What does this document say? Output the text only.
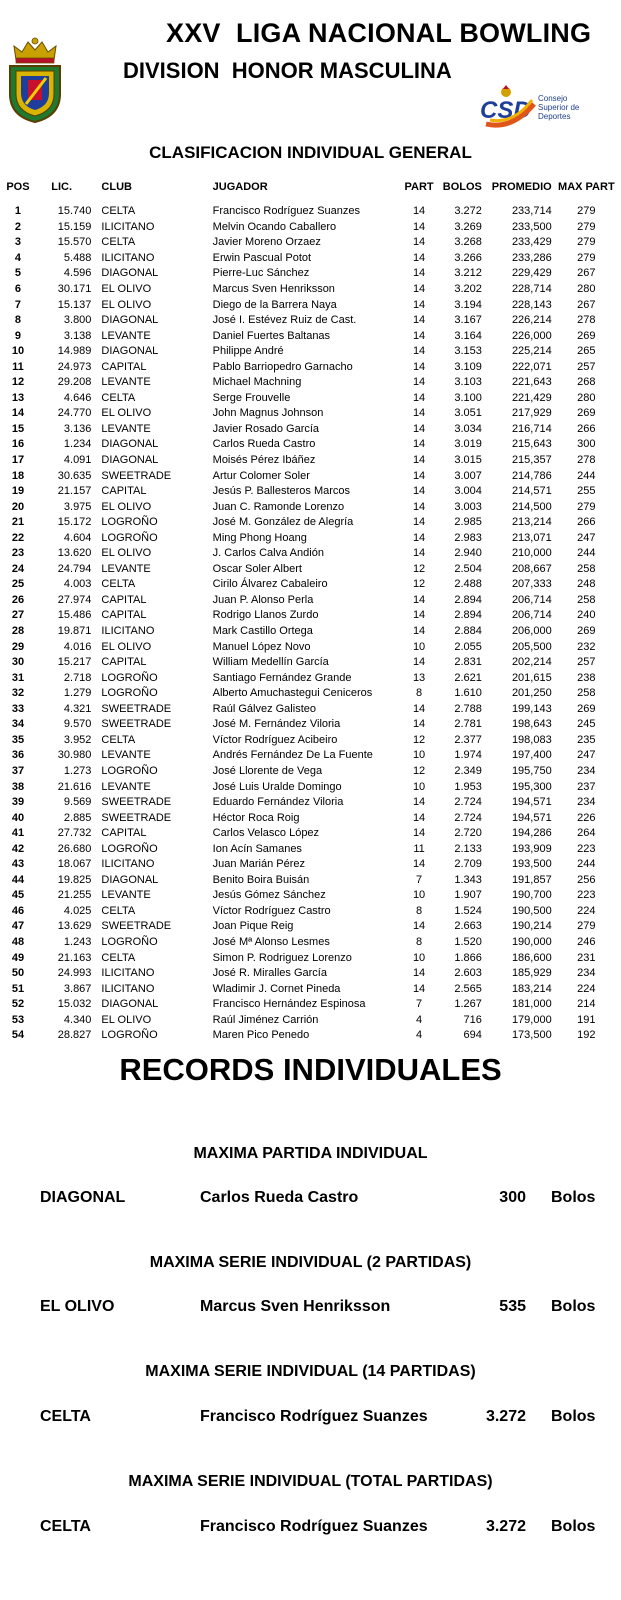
XXV  LIGA NACIONAL BOWLING
DIVISION  HONOR MASCULINA
CSD Consejo
Superior de
Deportes
CLASIFICACION INDIVIDUAL GENERAL
POS	LIC.	CLUB	JUGADOR	PART	BOLOS	PROMEDIO	MAX PART
1	15.740	CELTA	Francisco Rodríguez Suanzes	14	3.272	233,714	279
2	15.159	ILICITANO	Melvin Ocando Caballero	14	3.269	233,500	279
3	15.570	CELTA	Javier Moreno Orzaez	14	3.268	233,429	279
4	5.488	ILICITANO	Erwin Pascual Potot	14	3.266	233,286	279
5	4.596	DIAGONAL	Pierre-Luc Sánchez	14	3.212	229,429	267
6	30.171	EL OLIVO	Marcus Sven Henriksson	14	3.202	228,714	280
7	15.137	EL OLIVO	Diego de la Barrera Naya	14	3.194	228,143	267
8	3.800	DIAGONAL	José I. Estévez Ruiz de Cast.	14	3.167	226,214	278
9	3.138	LEVANTE	Daniel Fuertes Baltanas	14	3.164	226,000	269
10	14.989	DIAGONAL	Philippe André	14	3.153	225,214	265
11	24.973	CAPITAL	Pablo Barriopedro Garnacho	14	3.109	222,071	257
12	29.208	LEVANTE	Michael Machning	14	3.103	221,643	268
13	4.646	CELTA	Serge Frouvelle	14	3.100	221,429	280
14	24.770	EL OLIVO	John Magnus Johnson	14	3.051	217,929	269
15	3.136	LEVANTE	Javier Rosado García	14	3.034	216,714	266
16	1.234	DIAGONAL	Carlos Rueda Castro	14	3.019	215,643	300
17	4.091	DIAGONAL	Moisés Pérez Ibáñez	14	3.015	215,357	278
18	30.635	SWEETRADE	Artur Colomer Soler	14	3.007	214,786	244
19	21.157	CAPITAL	Jesús P. Ballesteros Marcos	14	3.004	214,571	255
20	3.975	EL OLIVO	Juan C. Ramonde Lorenzo	14	3.003	214,500	279
21	15.172	LOGROÑO	José M. González de Alegría	14	2.985	213,214	266
22	4.604	LOGROÑO	Ming Phong Hoang	14	2.983	213,071	247
23	13.620	EL OLIVO	J. Carlos Calva Andión	14	2.940	210,000	244
24	24.794	LEVANTE	Oscar Soler Albert	12	2.504	208,667	258
25	4.003	CELTA	Cirilo Álvarez Cabaleiro	12	2.488	207,333	248
26	27.974	CAPITAL	Juan P. Alonso Perla	14	2.894	206,714	258
27	15.486	CAPITAL	Rodrigo Llanos Zurdo	14	2.894	206,714	240
28	19.871	ILICITANO	Mark Castillo Ortega	14	2.884	206,000	269
29	4.016	EL OLIVO	Manuel López Novo	10	2.055	205,500	232
30	15.217	CAPITAL	William Medellín García	14	2.831	202,214	257
31	2.718	LOGROÑO	Santiago Fernández Grande	13	2.621	201,615	238
32	1.279	LOGROÑO	Alberto Amuchastegui Ceniceros	8	1.610	201,250	258
33	4.321	SWEETRADE	Raúl Gálvez Galisteo	14	2.788	199,143	269
34	9.570	SWEETRADE	José M. Fernández Viloria	14	2.781	198,643	245
35	3.952	CELTA	Víctor Rodríguez Acibeiro	12	2.377	198,083	235
36	30.980	LEVANTE	Andrés Fernández De La Fuente	10	1.974	197,400	247
37	1.273	LOGROÑO	José Llorente de Vega	12	2.349	195,750	234
38	21.616	LEVANTE	José Luis Uralde Domingo	10	1.953	195,300	237
39	9.569	SWEETRADE	Eduardo Fernández Viloria	14	2.724	194,571	234
40	2.885	SWEETRADE	Héctor Roca Roig	14	2.724	194,571	226
41	27.732	CAPITAL	Carlos Velasco López	14	2.720	194,286	264
42	26.680	LOGROÑO	Ion Acín Samanes	11	2.133	193,909	223
43	18.067	ILICITANO	Juan Marián Pérez	14	2.709	193,500	244
44	19.825	DIAGONAL	Benito Boira Buisán	7	1.343	191,857	256
45	21.255	LEVANTE	Jesús Gómez Sánchez	10	1.907	190,700	223
46	4.025	CELTA	Víctor Rodríguez Castro	8	1.524	190,500	224
47	13.629	SWEETRADE	Joan Pique Reig	14	2.663	190,214	279
48	1.243	LOGROÑO	José Mª Alonso Lesmes	8	1.520	190,000	246
49	21.163	CELTA	Simon P. Rodriguez Lorenzo	10	1.866	186,600	231
50	24.993	ILICITANO	José R. Miralles García	14	2.603	185,929	234
51	3.867	ILICITANO	Wladimir J. Cornet Pineda	14	2.565	183,214	224
52	15.032	DIAGONAL	Francisco Hernández Espinosa	7	1.267	181,000	214
53	4.340	EL OLIVO	Raúl Jiménez Carrión	4	716	179,000	191
54	28.827	LOGROÑO	Maren Pico Penedo	4	694	173,500	192
RECORDS INDIVIDUALES
MAXIMA PARTIDA INDIVIDUAL
DIAGONAL	Carlos Rueda Castro	300 Bolos
MAXIMA SERIE INDIVIDUAL (2 PARTIDAS)
EL OLIVO	Marcus Sven Henriksson	535 Bolos
MAXIMA SERIE INDIVIDUAL (14 PARTIDAS)
CELTA	Francisco Rodríguez Suanzes	3.272 Bolos
MAXIMA SERIE INDIVIDUAL (TOTAL PARTIDAS)
CELTA	Francisco Rodríguez Suanzes	3.272 Bolos
